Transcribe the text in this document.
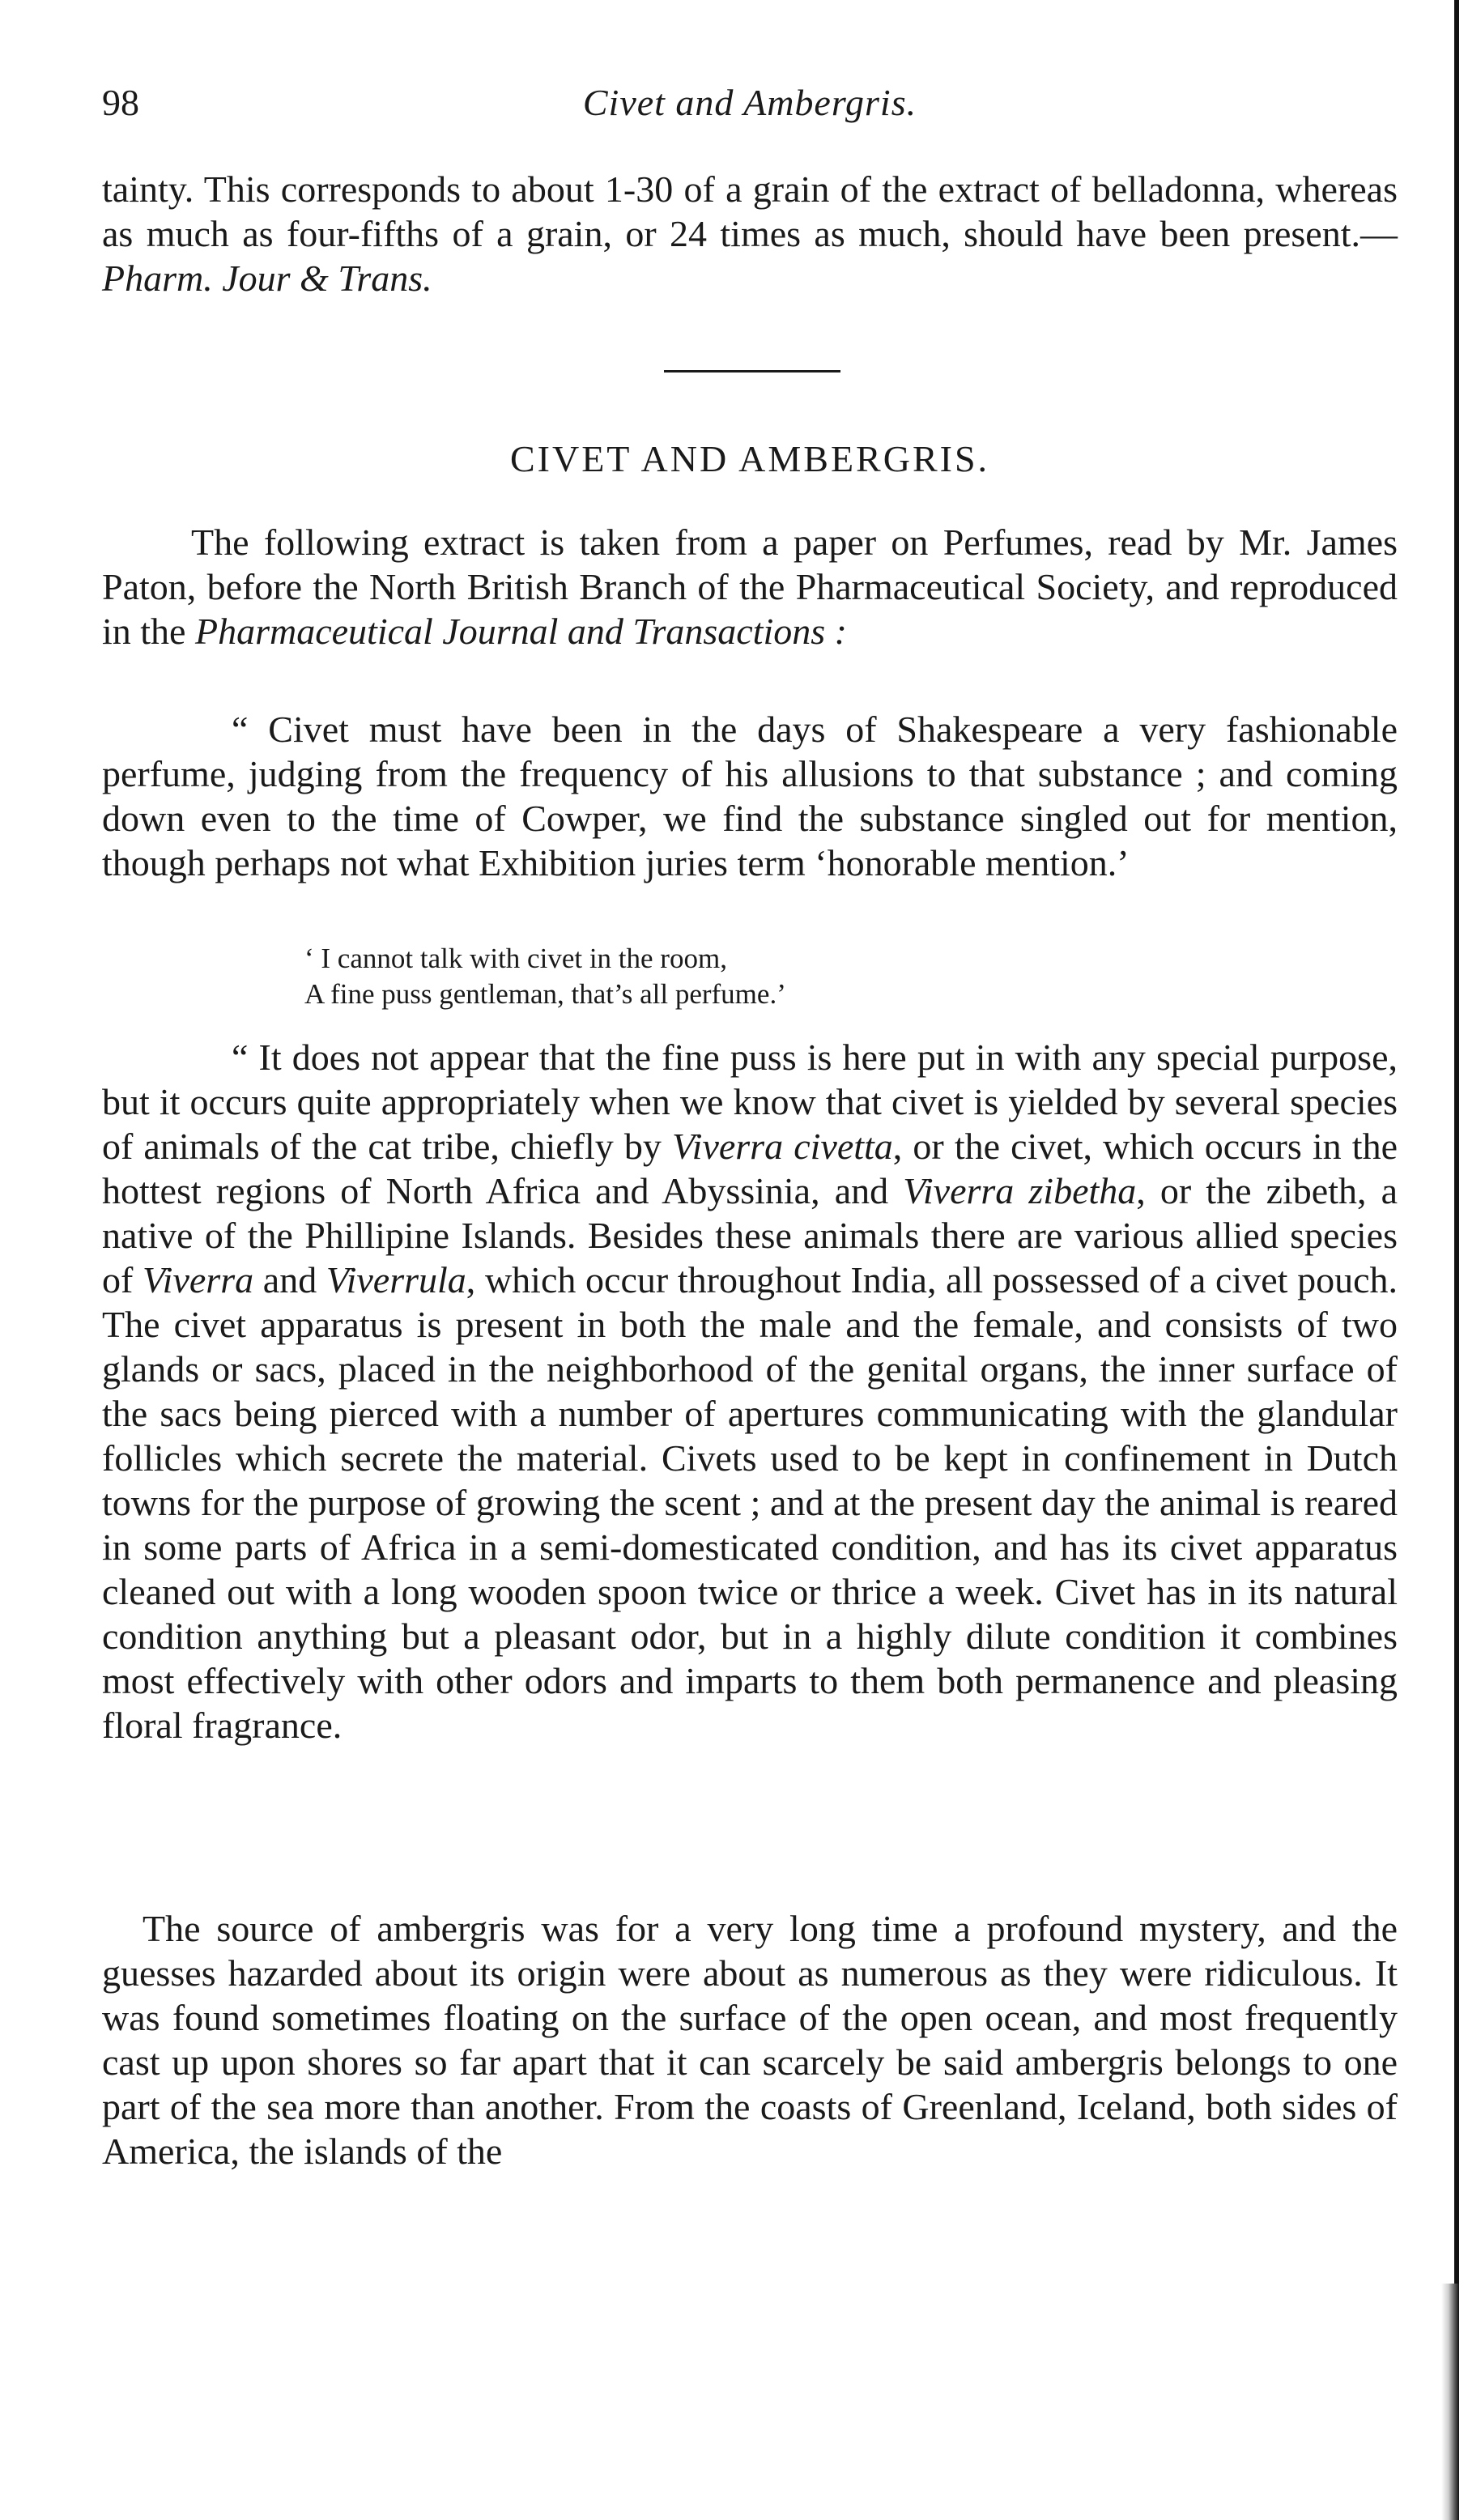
98	Civet and Ambergris.

tainty. This corresponds to about 1-30 of a grain of the extract of belladonna, whereas as much as four-fifths of a grain, or 24 times as much, should have been present.—Pharm. Jour & Trans.

CIVET AND AMBERGRIS.

The following extract is taken from a paper on Perfumes, read by Mr. James Paton, before the North British Branch of the Pharmaceutical Society, and reproduced in the Pharmaceutical Journal and Transactions :

“ Civet must have been in the days of Shakespeare a very fashionable perfume, judging from the frequency of his allusions to that substance ; and coming down even to the time of Cowper, we find the substance singled out for mention, though perhaps not what Exhibition juries term ‘honorable mention.’

‘ I cannot talk with civet in the room,
A fine puss gentleman, that’s all perfume.’

“ It does not appear that the fine puss is here put in with any special purpose, but it occurs quite appropriately when we know that civet is yielded by several species of animals of the cat tribe, chiefly by Viverra civetta, or the civet, which occurs in the hottest regions of North Africa and Abyssinia, and Viverra zibetha, or the zibeth, a native of the Phillipine Islands. Besides these animals there are various allied species of Viverra and Viverrula, which occur throughout India, all possessed of a civet pouch. The civet apparatus is present in both the male and the female, and consists of two glands or sacs, placed in the neighborhood of the genital organs, the inner surface of the sacs being pierced with a number of apertures communicating with the glandular follicles which secrete the material. Civets used to be kept in confinement in Dutch towns for the purpose of growing the scent ; and at the present day the animal is reared in some parts of Africa in a semi-domesticated condition, and has its civet apparatus cleaned out with a long wooden spoon twice or thrice a week. Civet has in its natural condition anything but a pleasant odor, but in a highly dilute condition it combines most effectively with other odors and imparts to them both permanence and pleasing floral fragrance.

The source of ambergris was for a very long time a profound mystery, and the guesses hazarded about its origin were about as numerous as they were ridiculous. It was found sometimes floating on the surface of the open ocean, and most frequently cast up upon shores so far apart that it can scarcely be said ambergris belongs to one part of the sea more than another. From the coasts of Greenland, Iceland, both sides of America, the islands of the
